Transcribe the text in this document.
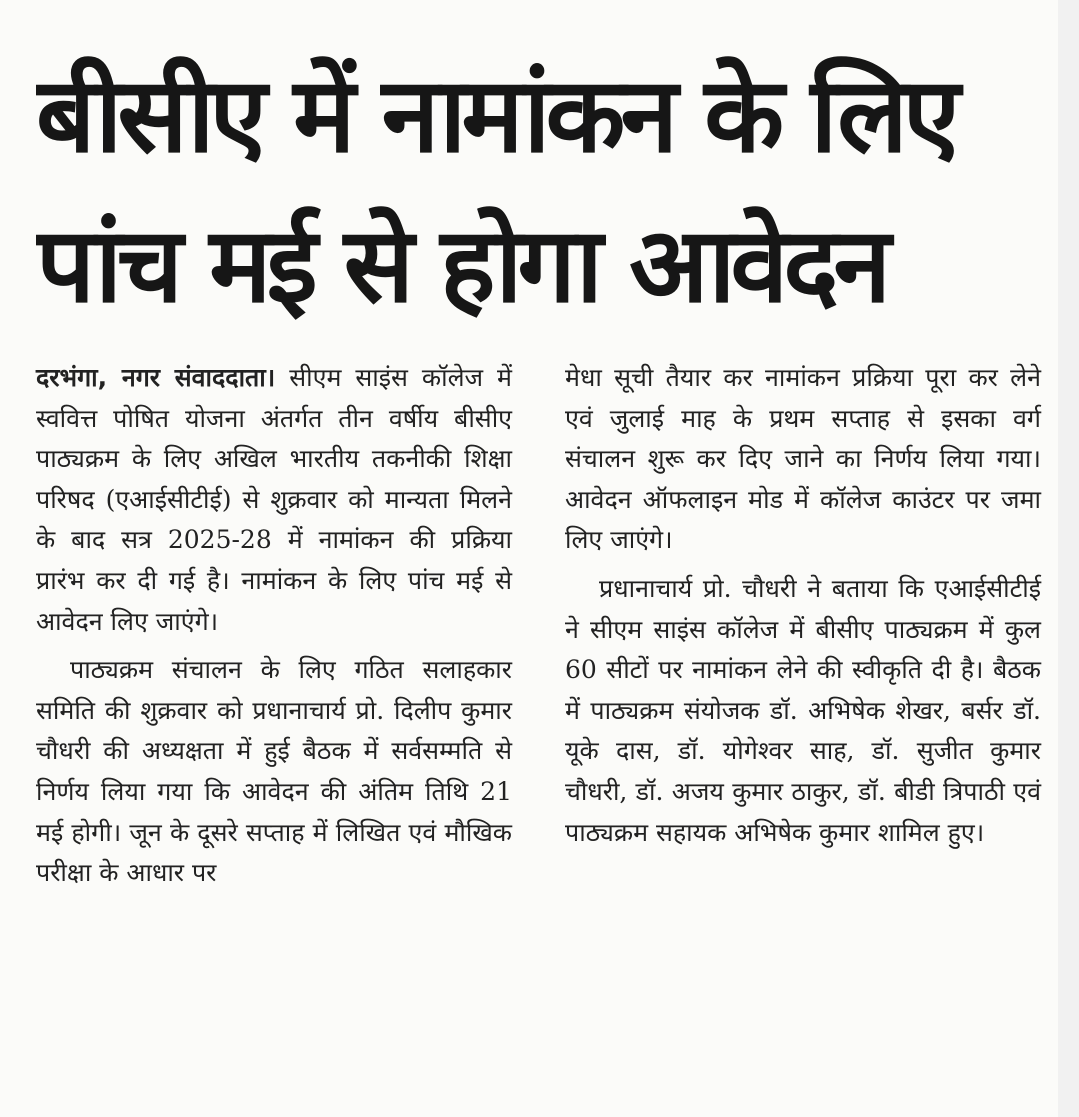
बीसीए में नामांकन के लिए
पांच मई से होगा आवेदन

दरभंगा, नगर संवाददाता। सीएम साइंस कॉलेज में स्ववित्त पोषित योजना अंतर्गत तीन वर्षीय बीसीए पाठ्यक्रम के लिए अखिल भारतीय तकनीकी शिक्षा परिषद (एआईसीटीई) से शुक्रवार को मान्यता मिलने के बाद सत्र 2025-28 में नामांकन की प्रक्रिया प्रारंभ कर दी गई है। नामांकन के लिए पांच मई से आवेदन लिए जाएंगे।

पाठ्यक्रम संचालन के लिए गठित सलाहकार समिति की शुक्रवार को प्रधानाचार्य प्रो. दिलीप कुमार चौधरी की अध्यक्षता में हुई बैठक में सर्वसम्मति से निर्णय लिया गया कि आवेदन की अंतिम तिथि 21 मई होगी। जून के दूसरे सप्ताह में लिखित एवं मौखिक परीक्षा के आधार पर

मेधा सूची तैयार कर नामांकन प्रक्रिया पूरा कर लेने एवं जुलाई माह के प्रथम सप्ताह से इसका वर्ग संचालन शुरू कर दिए जाने का निर्णय लिया गया। आवेदन ऑफलाइन मोड में कॉलेज काउंटर पर जमा लिए जाएंगे।

प्रधानाचार्य प्रो. चौधरी ने बताया कि एआईसीटीई ने सीएम साइंस कॉलेज में बीसीए पाठ्यक्रम में कुल 60 सीटों पर नामांकन लेने की स्वीकृति दी है। बैठक में पाठ्यक्रम संयोजक डॉ. अभिषेक शेखर, बर्सर डॉ. यूके दास, डॉ. योगेश्वर साह, डॉ. सुजीत कुमार चौधरी, डॉ. अजय कुमार ठाकुर, डॉ. बीडी त्रिपाठी एवं पाठ्यक्रम सहायक अभिषेक कुमार शामिल हुए।
